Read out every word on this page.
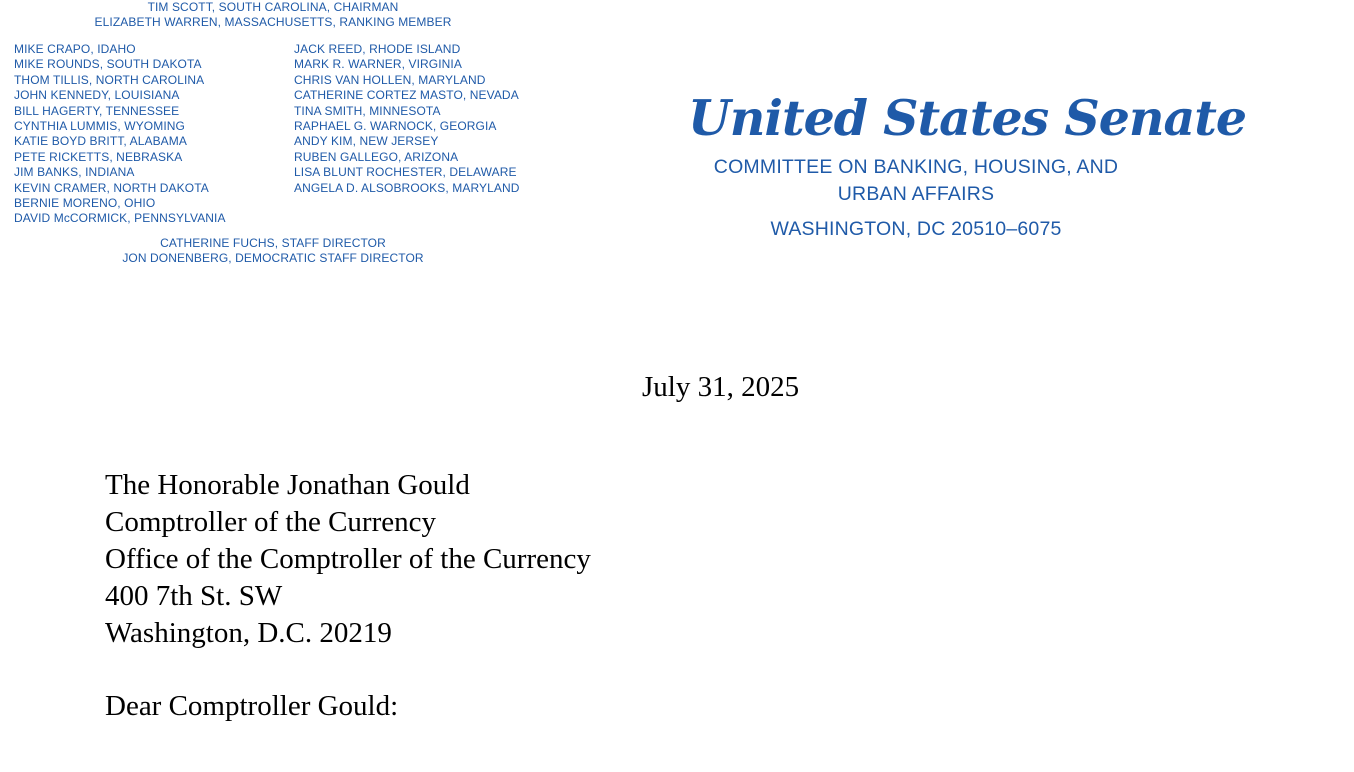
TIM SCOTT, SOUTH CAROLINA, CHAIRMAN
ELIZABETH WARREN, MASSACHUSETTS, RANKING MEMBER
MIKE CRAPO, IDAHO
MIKE ROUNDS, SOUTH DAKOTA
THOM TILLIS, NORTH CAROLINA
JOHN KENNEDY, LOUISIANA
BILL HAGERTY, TENNESSEE
CYNTHIA LUMMIS, WYOMING
KATIE BOYD BRITT, ALABAMA
PETE RICKETTS, NEBRASKA
JIM BANKS, INDIANA
KEVIN CRAMER, NORTH DAKOTA
BERNIE MORENO, OHIO
DAVID McCORMICK, PENNSYLVANIA
JACK REED, RHODE ISLAND
MARK R. WARNER, VIRGINIA
CHRIS VAN HOLLEN, MARYLAND
CATHERINE CORTEZ MASTO, NEVADA
TINA SMITH, MINNESOTA
RAPHAEL G. WARNOCK, GEORGIA
ANDY KIM, NEW JERSEY
RUBEN GALLEGO, ARIZONA
LISA BLUNT ROCHESTER, DELAWARE
ANGELA D. ALSOBROOKS, MARYLAND
CATHERINE FUCHS, STAFF DIRECTOR
JON DONENBERG, DEMOCRATIC STAFF DIRECTOR
United States Senate
COMMITTEE ON BANKING, HOUSING, AND
URBAN AFFAIRS
WASHINGTON, DC 20510–6075
July 31, 2025
The Honorable Jonathan Gould
Comptroller of the Currency
Office of the Comptroller of the Currency
400 7th St. SW
Washington, D.C. 20219
Dear Comptroller Gould:
